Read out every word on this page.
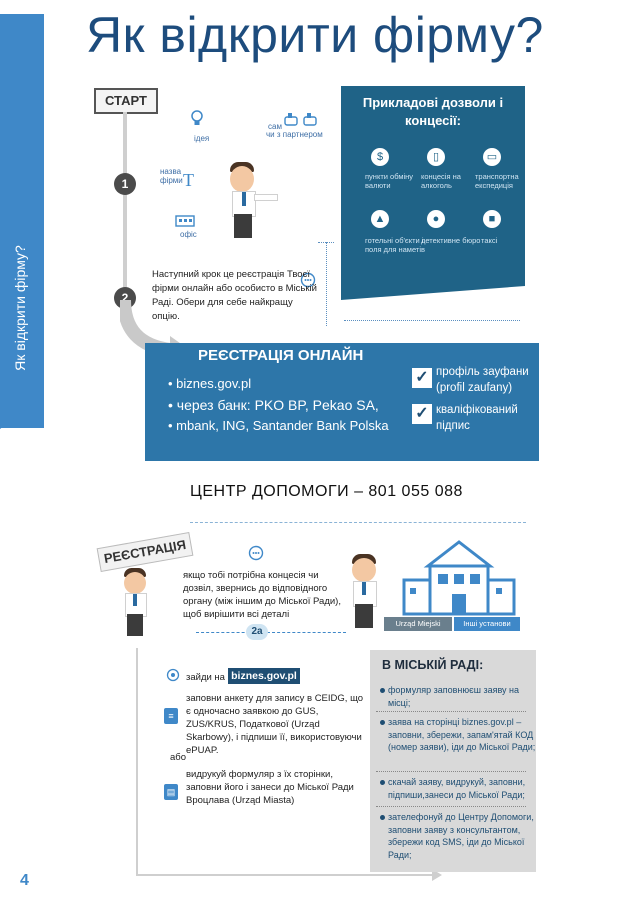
Як відкрити фірму?
4
Як відкрити фірму?
СТАРТ
1
2
ідея
сам
чи з партнером
назва фірми T
офіс
Наступний крок це реєстрація Твоєї фірми онлайн або особисто в Міській Раді. Обери для себе найкращу опцію.
Прикладові дозволи і концесії:
$
пункти обміну валюти
▯
концесія на алкоголь
▭
транспортна експедиція
▲
готельні об'єкти і поля для наметів
●
детективне бюро
■
таксі
РЕЄСТРАЦІЯ ОНЛАЙН
• biznes.gov.pl
• через банк: PKO BP, Pekao SA,
• mbank, ING, Santander Bank Polska
✓ профіль зауфани (profil zaufany)
✓ кваліфікований підпис
ЦЕНТР ДОПОМОГИ – 801 055 088
РЕЄСТРАЦІЯ
якщо тобі потрібна концесія чи дозвіл, звернись до відповідного органу (між іншим до Міської Ради), щоб вирішити всі деталі
2a
Urząd Miejski	Інші установи
зайди на biznes.gov.pl
≡
заповни анкету для запису в CEIDG, що є одночасно заявкою до GUS, ZUS/KRUS, Податкової (Urząd Skarbowy), і підпиши її, використовуючи ePUAP.
або
▤
видрукуй формуляр з їх сторінки, заповни його і занеси до Міської Ради Вроцлава (Urząd Miasta)
В МІСЬКІЙ РАДІ:
формуляр заповнюєш заяву на місці;
заява на сторінці biznes.gov.pl – заповни, збережи, запам'ятай КОД (номер заяви), іди до Міської Ради;
скачай заяву, видрукуй, заповни, підпиши,занеси до Міської Ради;
зателефонуй до Центру Допомоги, заповни заяву з консультантом, збережи код SMS, іди до Міської Ради;
